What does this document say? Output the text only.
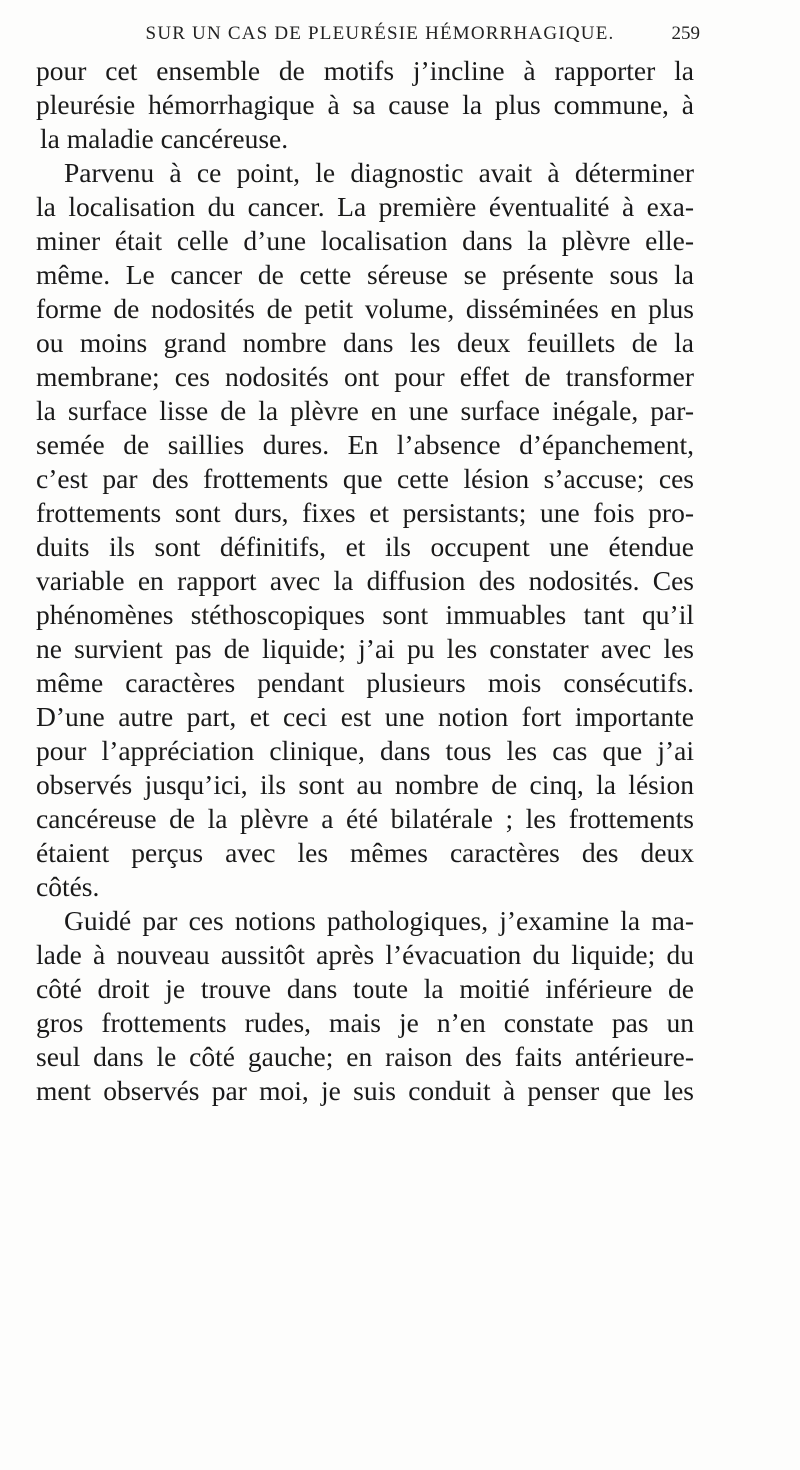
SUR UN CAS DE PLEURÉSIE HÉMORRHAGIQUE.	259
pour cet ensemble de motifs j’incline à rapporter la
pleurésie hémorrhagique à sa cause la plus commune, à
la maladie cancéreuse.
Parvenu à ce point, le diagnostic avait à déterminer
la localisation du cancer. La première éventualité à exa-
miner était celle d’une localisation dans la plèvre elle-
même. Le cancer de cette séreuse se présente sous la
forme de nodosités de petit volume, disséminées en plus
ou moins grand nombre dans les deux feuillets de la
membrane; ces nodosités ont pour effet de transformer
la surface lisse de la plèvre en une surface inégale, par-
semée de saillies dures. En l’absence d’épanchement,
c’est par des frottements que cette lésion s’accuse; ces
frottements sont durs, fixes et persistants; une fois pro-
duits ils sont définitifs, et ils occupent une étendue
variable en rapport avec la diffusion des nodosités. Ces
phénomènes stéthoscopiques sont immuables tant qu’il
ne survient pas de liquide; j’ai pu les constater avec les
même caractères pendant plusieurs mois consécutifs.
D’une autre part, et ceci est une notion fort importante
pour l’appréciation clinique, dans tous les cas que j’ai
observés jusqu’ici, ils sont au nombre de cinq, la lésion
cancéreuse de la plèvre a été bilatérale ; les frottements
étaient perçus avec les mêmes caractères des deux
côtés.
Guidé par ces notions pathologiques, j’examine la ma-
lade à nouveau aussitôt après l’évacuation du liquide; du
côté droit je trouve dans toute la moitié inférieure de
gros frottements rudes, mais je n’en constate pas un
seul dans le côté gauche; en raison des faits antérieure-
ment observés par moi, je suis conduit à penser que les
